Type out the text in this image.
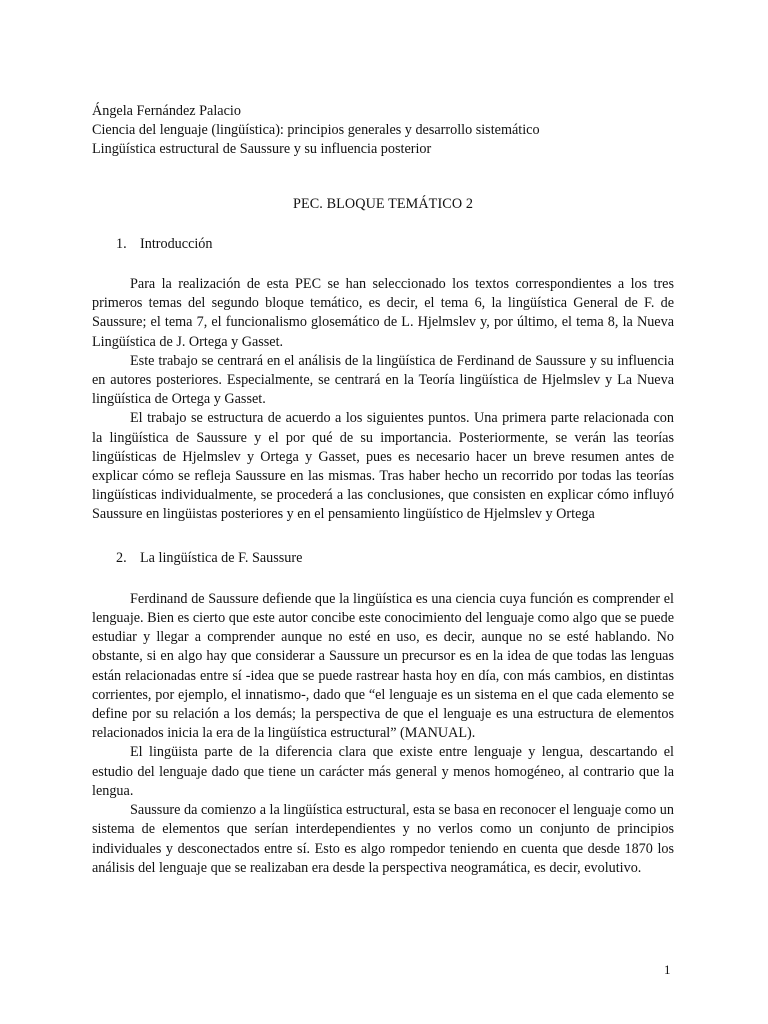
Ángela Fernández Palacio

Ciencia del lenguaje (lingüística): principios generales y desarrollo sistemático

Lingüística estructural de Saussure y su influencia posterior

PEC. BLOQUE TEMÁTICO 2

1. Introducción

Para la realización de esta PEC se han seleccionado los textos correspondientes a los tres primeros temas del segundo bloque temático, es decir, el tema 6, la lingüística General de F. de Saussure; el tema 7, el funcionalismo glosemático de L. Hjelmslev y, por último, el tema 8, la Nueva Lingüística de J. Ortega y Gasset.

Este trabajo se centrará en el análisis de la lingüística de Ferdinand de Saussure y su influencia en autores posteriores. Especialmente, se centrará en la Teoría lingüística de Hjelmslev y La Nueva lingüística de Ortega y Gasset.

El trabajo se estructura de acuerdo a los siguientes puntos. Una primera parte relacionada con la lingüística de Saussure y el por qué de su importancia. Posteriormente, se verán las teorías lingüísticas de Hjelmslev y Ortega y Gasset, pues es necesario hacer un breve resumen antes de explicar cómo se refleja Saussure en las mismas. Tras haber hecho un recorrido por todas las teorías lingüísticas individualmente, se procederá a las conclusiones, que consisten en explicar cómo influyó Saussure en lingüistas posteriores y en el pensamiento lingüístico de Hjelmslev y Ortega

2. La lingüística de F. Saussure

Ferdinand de Saussure defiende que la lingüística es una ciencia cuya función es comprender el lenguaje. Bien es cierto que este autor concibe este conocimiento del lenguaje como algo que se puede estudiar y llegar a comprender aunque no esté en uso, es decir, aunque no se esté hablando. No obstante, si en algo hay que considerar a Saussure un precursor es en la idea de que todas las lenguas están relacionadas entre sí -idea que se puede rastrear hasta hoy en día, con más cambios, en distintas corrientes, por ejemplo, el innatismo-, dado que “el lenguaje es un sistema en el que cada elemento se define por su relación a los demás; la perspectiva de que el lenguaje es una estructura de elementos relacionados inicia la era de la lingüística estructural” (MANUAL).

El lingüista parte de la diferencia clara que existe entre lenguaje y lengua, descartando el estudio del lenguaje dado que tiene un carácter más general y menos homogéneo, al contrario que la lengua.

Saussure da comienzo a la lingüística estructural, esta se basa en reconocer el lenguaje como un sistema de elementos que serían interdependientes y no verlos como un conjunto de principios individuales y desconectados entre sí. Esto es algo rompedor teniendo en cuenta que desde 1870 los análisis del lenguaje que se realizaban era desde la perspectiva neogramática, es decir, evolutivo.

1
